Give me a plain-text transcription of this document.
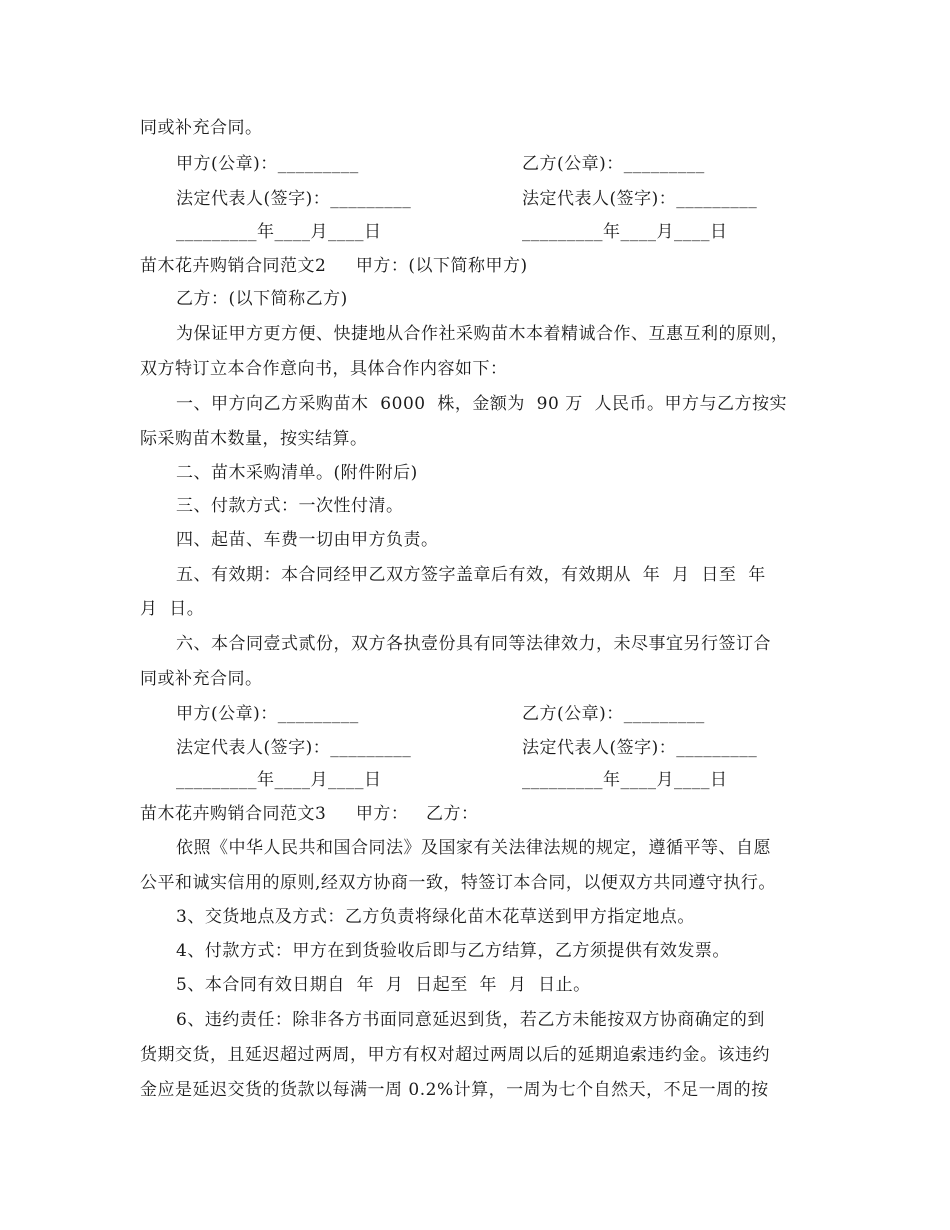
同或补充合同。
甲方(公章)：_________	乙方(公章)：_________
法定代表人(签字)：_________	法定代表人(签字)：_________
_________年____月____日	_________年____月____日
苗木花卉购销合同范文2     甲方：(以下简称甲方)
乙方：(以下简称乙方)
为保证甲方更方便、快捷地从合作社采购苗木本着精诚合作、互惠互利的原则，
双方特订立本合作意向书，具体合作内容如下：
一、甲方向乙方采购苗木  6000  株，金额为  90 万  人民币。甲方与乙方按实
际采购苗木数量，按实结算。
二、苗木采购清单。(附件附后)
三、付款方式：一次性付清。
四、起苗、车费一切由甲方负责。
五、有效期：本合同经甲乙双方签字盖章后有效，有效期从  年  月  日至  年
月  日。
六、本合同壹式贰份，双方各执壹份具有同等法律效力，未尽事宜另行签订合
同或补充合同。
甲方(公章)：_________	乙方(公章)：_________
法定代表人(签字)：_________	法定代表人(签字)：_________
_________年____月____日	_________年____月____日
苗木花卉购销合同范文3     甲方：   乙方：
依照《中华人民共和国合同法》及国家有关法律法规的规定，遵循平等、自愿
公平和诚实信用的原则,经双方协商一致，特签订本合同，以便双方共同遵守执行。
3、交货地点及方式：乙方负责将绿化苗木花草送到甲方指定地点。
4、付款方式：甲方在到货验收后即与乙方结算，乙方须提供有效发票。
5、本合同有效日期自  年  月  日起至  年  月  日止。
6、违约责任：除非各方书面同意延迟到货，若乙方未能按双方协商确定的到
货期交货，且延迟超过两周，甲方有权对超过两周以后的延期追索违约金。该违约
金应是延迟交货的货款以每满一周 0.2%计算，一周为七个自然天，不足一周的按
